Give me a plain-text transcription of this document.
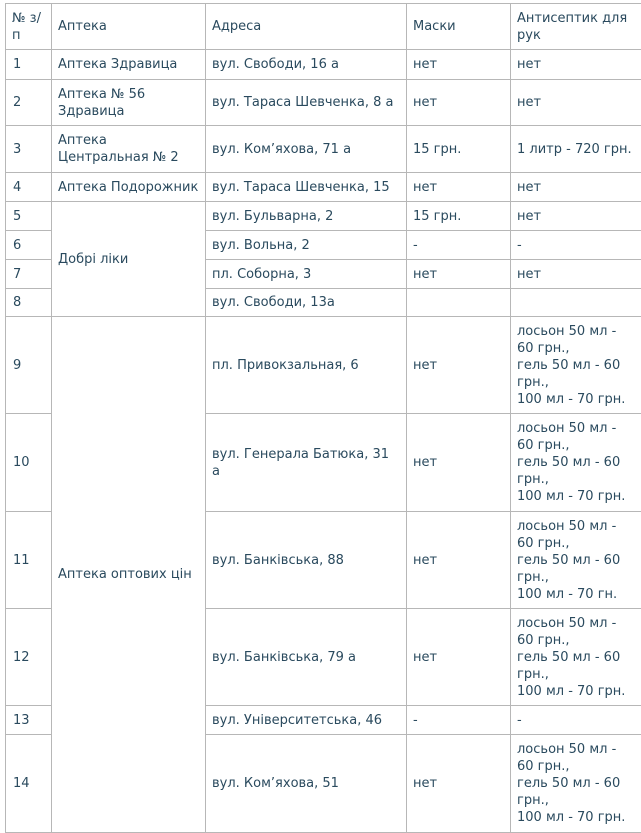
№ з/п	Аптека	Адреса	Маски	Антисептик для рук
1	Аптека Здравица	вул. Свободи, 16 а	нет	нет

2	Аптека № 56 Здравица	вул. Тараса Шевченка, 8 а	нет	нет

3	Аптека Центральная № 2	вул. Ком’яхова, 71 а	15 грн.	1 литр - 720 грн.

4	Аптека Подорожник	вул. Тараса Шевченка, 15	нет	нет

5	Добрі ліки	вул. Бульварна, 2	15 грн.	нет

6		вул. Вольна, 2	-	-

7		пл. Соборна, 3	нет	нет

8		вул. Свободи, 13а		

9	Аптека оптових цін	пл. Привокзальная, 6	нет	лосьон 50 мл - 60 грн.,
гель 50 мл - 60 грн.,
100 мл - 70 грн.

10		вул. Генерала Батюка, 31 а	нет	лосьон 50 мл - 60 грн.,
гель 50 мл - 60 грн.,
100 мл - 70 грн.

11		вул. Банківська, 88	нет	лосьон 50 мл - 60 грн.,
гель 50 мл - 60 грн.,
100 мл - 70 гн.

12		вул. Банківська, 79 а	нет	лосьон 50 мл - 60 грн.,
гель 50 мл - 60 грн.,
100 мл - 70 грн.

13		вул. Університетська, 46	-	-

14		вул. Ком’яхова, 51	нет	лосьон 50 мл - 60 грн.,
гель 50 мл - 60 грн.,
100 мл - 70 грн.
